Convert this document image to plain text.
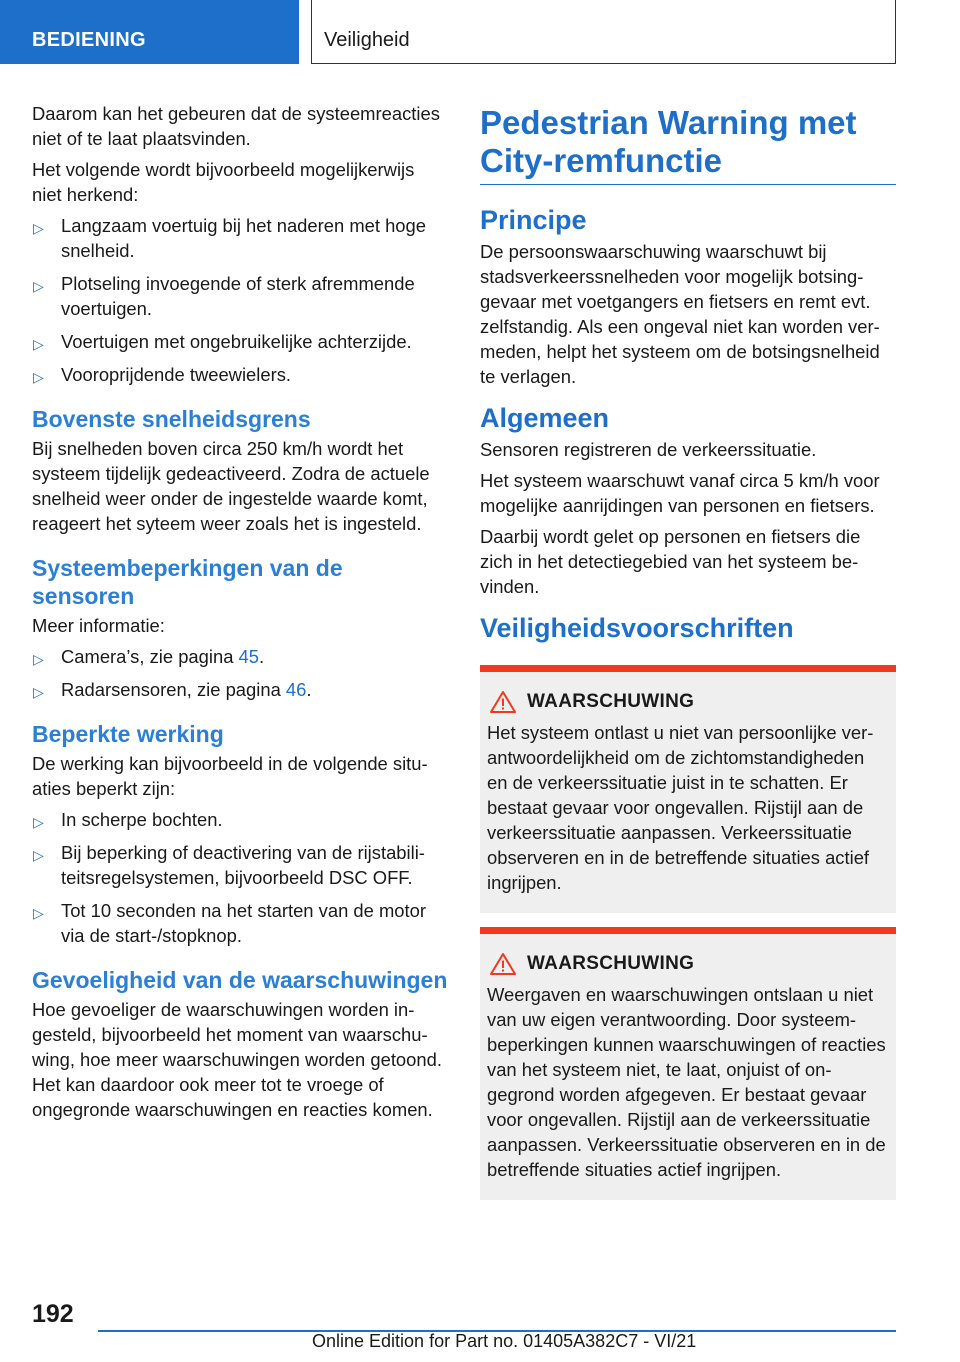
BEDIENING	Veiligheid

Daarom kan het gebeuren dat de systeemreacties niet of te laat plaatsvinden.

Het volgende wordt bijvoorbeeld mogelijkerwijs niet herkend:

▷ Langzaam voertuig bij het naderen met hoge snelheid.
▷ Plotseling invoegende of sterk afremmende voertuigen.
▷ Voertuigen met ongebruikelijke achterzijde.
▷ Vooroprijdende tweewielers.
Bovenste snelheidsgrens

Bij snelheden boven circa 250 km/h wordt het systeem tijdelijk gedeactiveerd. Zodra de actuele snelheid weer onder de ingestelde waarde komt, reageert het syteem weer zoals het is ingesteld.

Systeembeperkingen van de sensoren

Meer informatie:

▷ Camera’s, zie pagina 45.
▷ Radarsensoren, zie pagina 46.
Beperkte werking

De werking kan bijvoorbeeld in de volgende situaties beperkt zijn:

▷ In scherpe bochten.
▷ Bij beperking of deactivering van de rijstabiliteitsregelsystemen, bijvoorbeeld DSC OFF.
▷ Tot 10 seconden na het starten van de motor via de start-/stopknop.
Gevoeligheid van de waarschuwingen

Hoe gevoeliger de waarschuwingen worden ingesteld, bijvoorbeeld het moment van waarschuwing, hoe meer waarschuwingen worden getoond. Het kan daardoor ook meer tot te vroege of ongegronde waarschuwingen en reacties komen.

Pedestrian Warning met City-remfunctie
Principe

De persoonswaarschuwing waarschuwt bij stadsverkeerssnelheden voor mogelijk botsinggevaar met voetgangers en fietsers en remt evt. zelfstandig. Als een ongeval niet kan worden vermeden, helpt het systeem om de botsingsnelheid te verlagen.

Algemeen

Sensoren registreren de verkeerssituatie.

Het systeem waarschuwt vanaf circa 5 km/h voor mogelijke aanrijdingen van personen en fietsers.

Daarbij wordt gelet op personen en fietsers die zich in het detectiegebied van het systeem bevinden.

Veiligheidsvoorschriften
WAARSCHUWING

Het systeem ontlast u niet van persoonlijke verantwoordelijkheid om de zichtomstandigheden en de verkeerssituatie juist in te schatten. Er bestaat gevaar voor ongevallen. Rijstijl aan de verkeerssituatie aanpassen. Verkeerssituatie observeren en in de betreffende situaties actief ingrijpen.

WAARSCHUWING

Weergaven en waarschuwingen ontslaan u niet van uw eigen verantwoording. Door systeembeperkingen kunnen waarschuwingen of reacties van het systeem niet, te laat, onjuist of ongegrond worden afgegeven. Er bestaat gevaar voor ongevallen. Rijstijl aan de verkeerssituatie aanpassen. Verkeerssituatie observeren en in de betreffende situaties actief ingrijpen.

192
Online Edition for Part no. 01405A382C7 - VI/21
